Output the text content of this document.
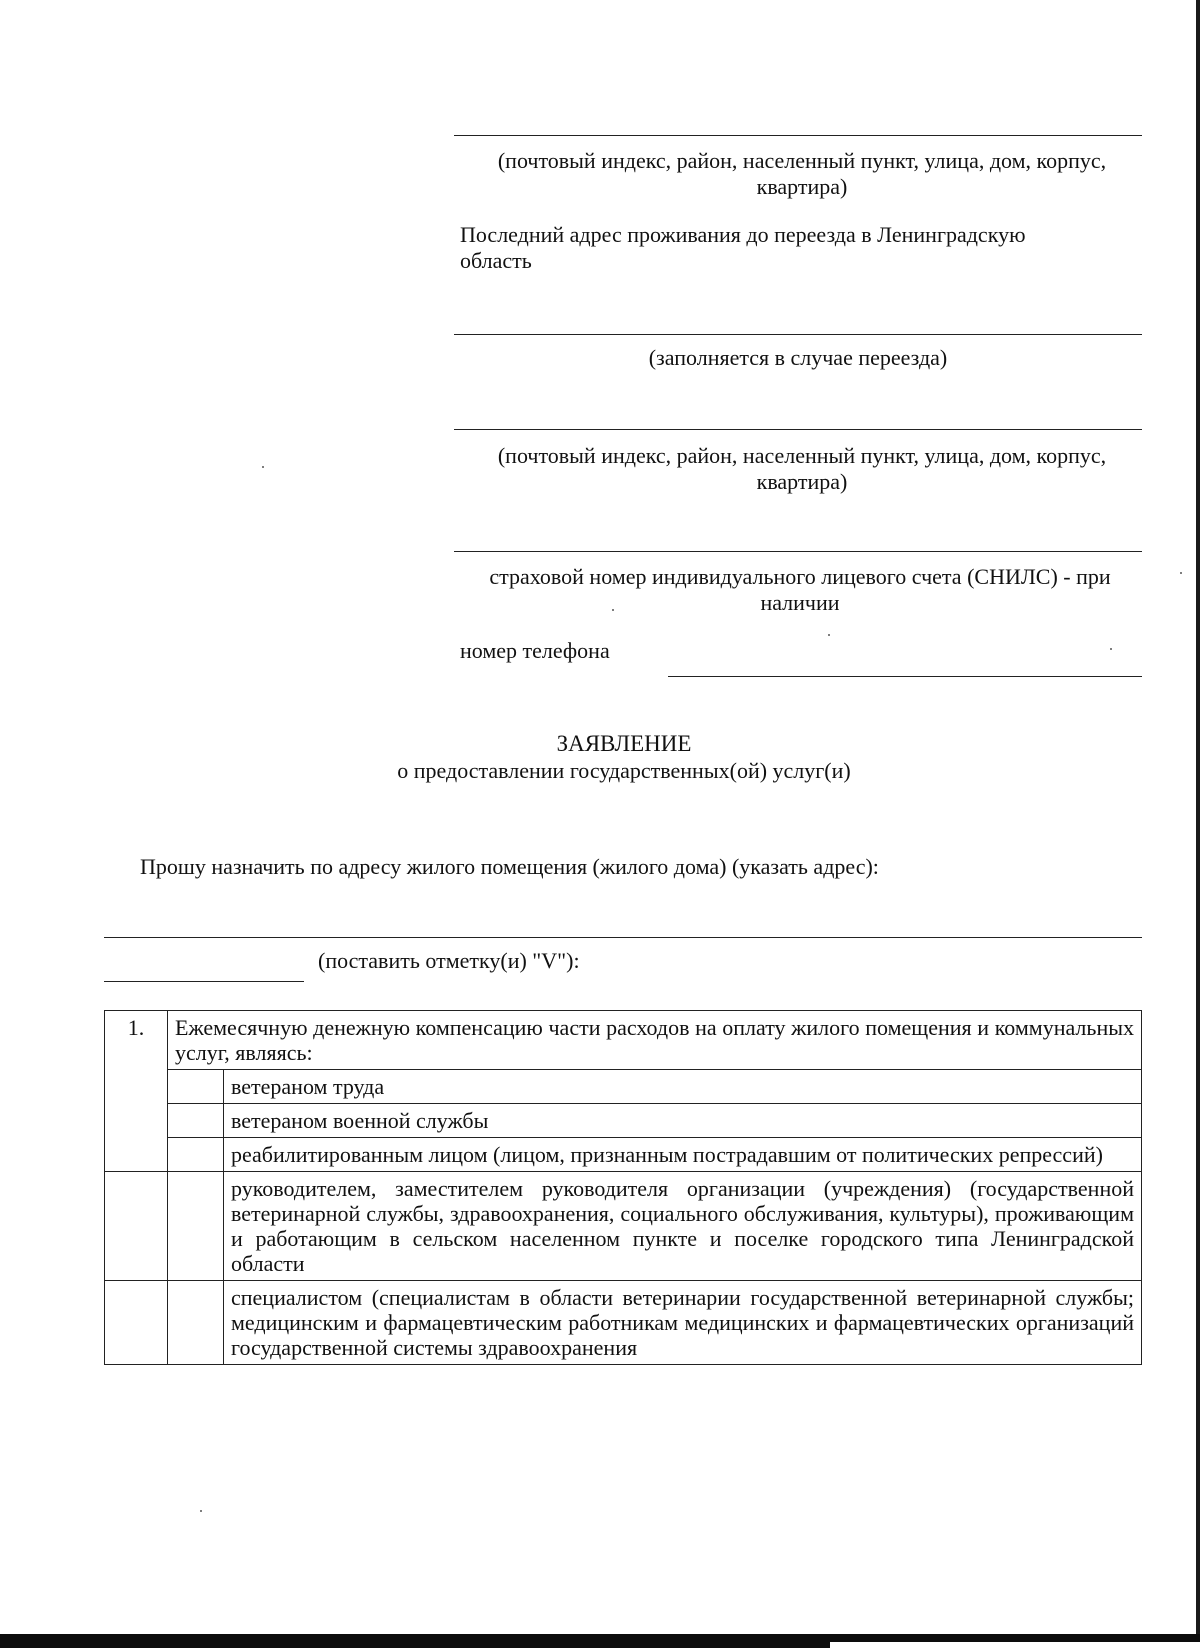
(почтовый индекс, район, населенный пункт, улица, дом, корпус, квартира)
Последний адрес проживания до переезда в Ленинградскую область
(заполняется в случае переезда)
(почтовый индекс, район, населенный пункт, улица, дом, корпус, квартира)
страховой номер индивидуального лицевого счета (СНИЛС) - при наличии
номер телефона
ЗАЯВЛЕНИЕ
о предоставлении государственных(ой) услуг(и)
Прошу назначить по адресу жилого помещения (жилого дома) (указать адрес):
(поставить отметку(и) "V"):
1.	Ежемесячную денежную компенсацию части расходов на оплату жилого помещения и коммунальных услуг, являясь:	
		ветераном труда
		ветераном военной службы
		реабилитированным лицом (лицом, признанным пострадавшим от политических репрессий)
		руководителем, заместителем руководителя организации (учреждения) (государственной ветеринарной службы, здравоохранения, социального обслуживания, культуры), проживающим и работающим в сельском населенном пункте и поселке городского типа Ленинградской области
		специалистом (специалистам в области ветеринарии государственной ветеринарной службы; медицинским и фармацевтическим работникам медицинских и фармацевтических организаций государственной системы здравоохранения
